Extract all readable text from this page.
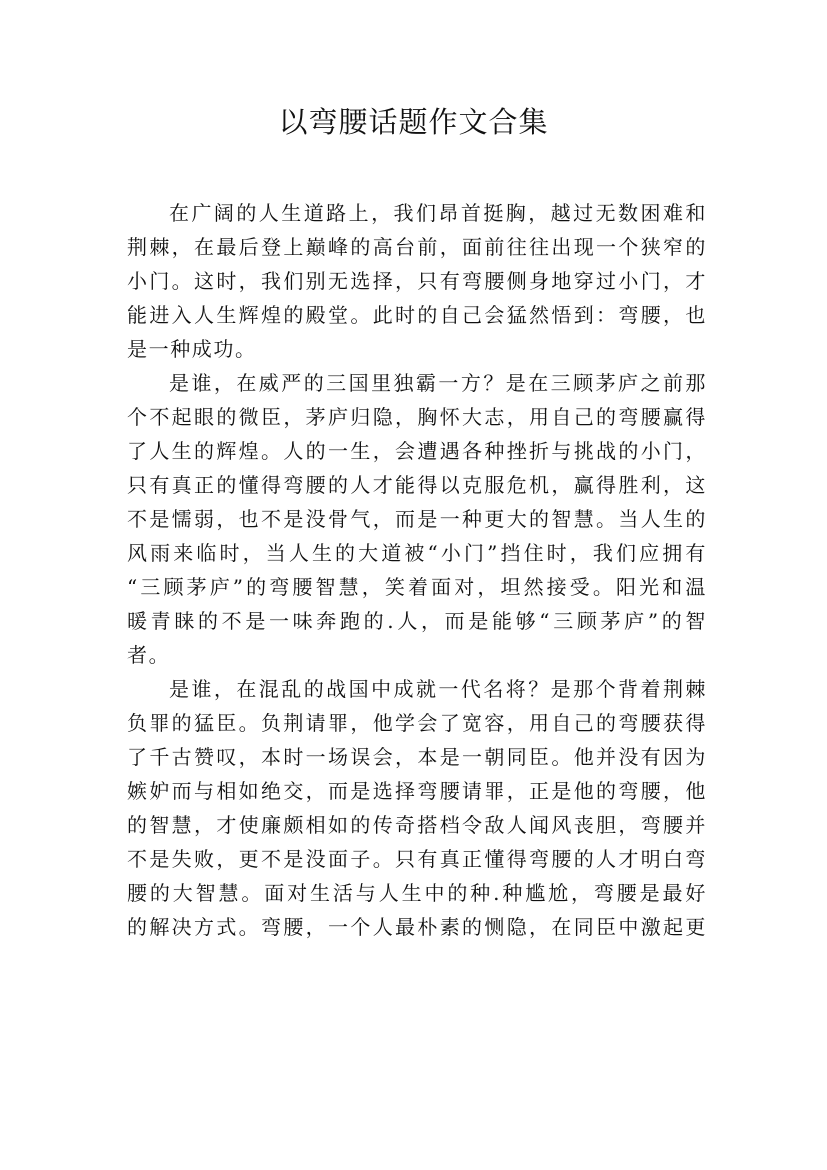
以弯腰话题作文合集
在广阔的人生道路上，我们昂首挺胸，越过无数困难和
荆棘，在最后登上巅峰的高台前，面前往往出现一个狭窄的
小门。这时，我们别无选择，只有弯腰侧身地穿过小门，才
能进入人生辉煌的殿堂。此时的自己会猛然悟到：弯腰，也
是一种成功。
是谁，在威严的三国里独霸一方？是在三顾茅庐之前那
个不起眼的微臣，茅庐归隐，胸怀大志，用自己的弯腰赢得
了人生的辉煌。人的一生，会遭遇各种挫折与挑战的小门，
只有真正的懂得弯腰的人才能得以克服危机，赢得胜利，这
不是懦弱，也不是没骨气，而是一种更大的智慧。当人生的
风雨来临时，当人生的大道被“小门”挡住时，我们应拥有
“三顾茅庐”的弯腰智慧，笑着面对，坦然接受。阳光和温
暖青睐的不是一味奔跑的.人，而是能够“三顾茅庐”的智
者。
是谁，在混乱的战国中成就一代名将？是那个背着荆棘
负罪的猛臣。负荆请罪，他学会了宽容，用自己的弯腰获得
了千古赞叹，本时一场误会，本是一朝同臣。他并没有因为
嫉妒而与相如绝交，而是选择弯腰请罪，正是他的弯腰，他
的智慧，才使廉颇相如的传奇搭档令敌人闻风丧胆，弯腰并
不是失败，更不是没面子。只有真正懂得弯腰的人才明白弯
腰的大智慧。面对生活与人生中的种.种尴尬，弯腰是最好
的解决方式。弯腰，一个人最朴素的恻隐，在同臣中激起更
